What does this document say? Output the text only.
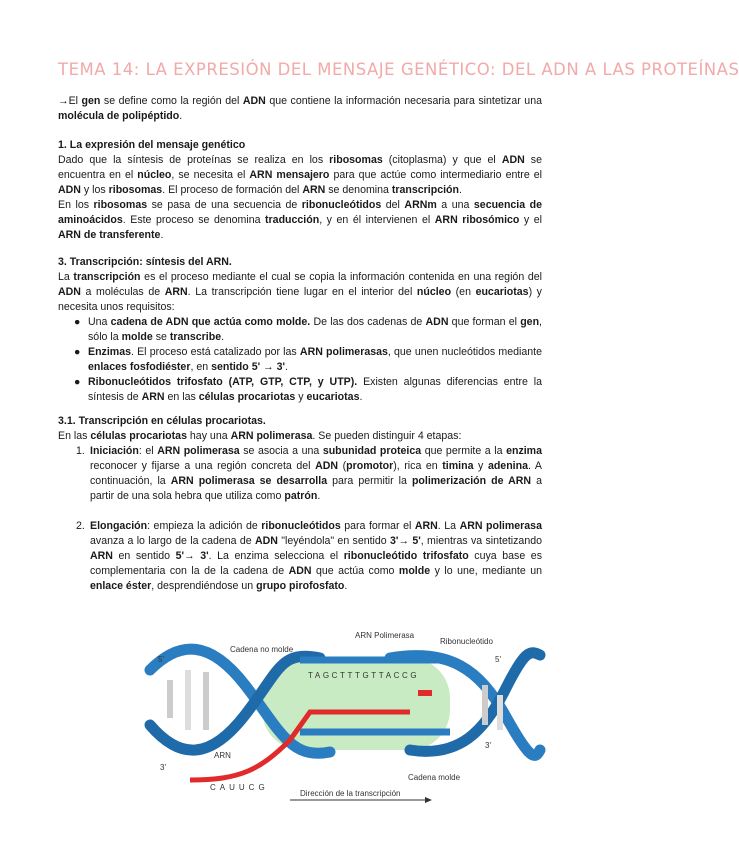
TEMA 14: LA EXPRESIÓN DEL MENSAJE GENÉTICO: DEL ADN A LAS PROTEÍNAS

→El gen se define como la región del ADN que contiene la información necesaria para sintetizar una molécula de polipéptido.

1. La expresión del mensaje genético

Dado que la síntesis de proteínas se realiza en los ribosomas (citoplasma) y que el ADN se encuentra en el núcleo, se necesita el ARN mensajero para que actúe como intermediario entre el ADN y los ribosomas. El proceso de formación del ARN se denomina transcripción.

En los ribosomas se pasa de una secuencia de ribonucleótidos del ARNm a una secuencia de aminoácidos. Este proceso se denomina traducción, y en él intervienen el ARN ribosómico y el ARN de transferente.

3. Transcripción: síntesis del ARN.

La transcripción es el proceso mediante el cual se copia la información contenida en una región del ADN a moléculas de ARN. La transcripción tiene lugar en el interior del núcleo (en eucariotas) y necesita unos requisitos:

● Una cadena de ADN que actúa como molde. De las dos cadenas de ADN que forman el gen, sólo la molde se transcribe.
● Enzimas. El proceso está catalizado por las ARN polimerasas, que unen nucleótidos mediante enlaces fosfodiéster, en sentido 5' → 3'.
● Ribonucleótidos trifosfato (ATP, GTP, CTP, y UTP). Existen algunas diferencias entre la síntesis de ARN en las células procariotas y eucariotas.

3.1. Transcripción en células procariotas.

En las células procariotas hay una ARN polimerasa. Se pueden distinguir 4 etapas:

1. Iniciación: el ARN polimerasa se asocia a una subunidad proteica que permite a la enzima reconocer y fijarse a una región concreta del ADN (promotor), rica en timina y adenina. A continuación, la ARN polimerasa se desarrolla para permitir la polimerización de ARN a partir de una sola hebra que utiliza como patrón.
2. Elongación: empieza la adición de ribonucleótidos para formar el ARN. La ARN polimerasa avanza a lo largo de la cadena de ADN "leyéndola" en sentido 3'→ 5', mientras va sintetizando ARN en sentido 5'→ 3'. La enzima selecciona el ribonucleótido trifosfato cuya base es complementaria con la de la cadena de ADN que actúa como molde y lo une, mediante un enlace éster, desprendiéndose un grupo pirofosfato.
TAGCTTTGTTACCG
CAUUCG
ARN Polimerasa
Cadena no molde
Ribonucleótido
5'	5'
3'
3'
ARN
Cadena molde
Dirección de la transcripción
